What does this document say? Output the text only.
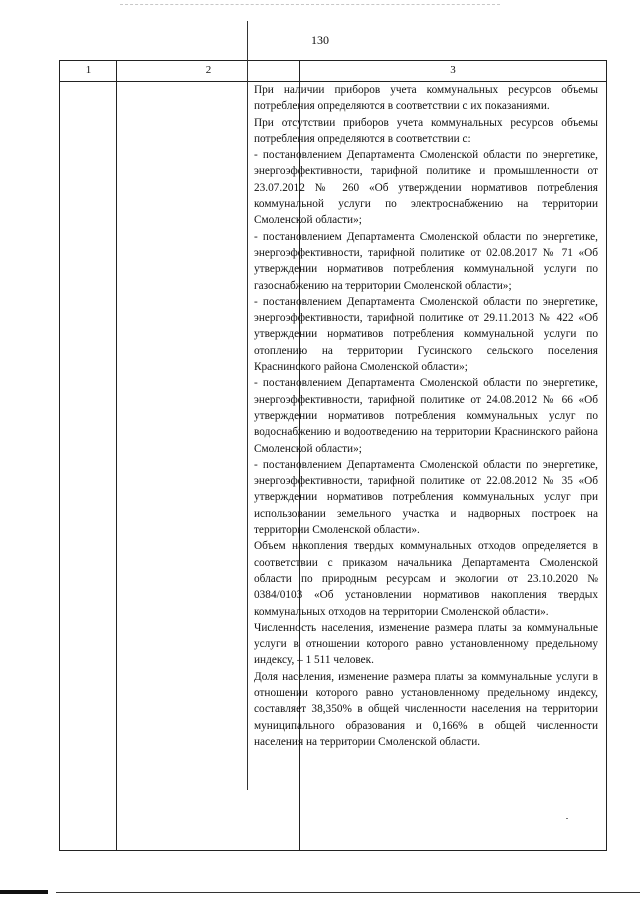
130
1	2	3

При наличии приборов учета коммунальных ресурсов объемы потребления определяются в соответствии с их показаниями.

При отсутствии приборов учета коммунальных ресурсов объемы потребления определяются в соответствии с:

- постановлением Департамента Смоленской области по энергетике, энергоэффективности, тарифной политике и промышленности от 23.07.2012 № 260 «Об утверждении нормативов потребления коммунальной услуги по электроснабжению на территории Смоленской области»;

- постановлением Департамента Смоленской области по энергетике, энергоэффективности, тарифной политике от 02.08.2017 № 71 «Об утверждении нормативов потребления коммунальной услуги по газоснабжению на территории Смоленской области»;

- постановлением Департамента Смоленской области по энергетике, энергоэффективности, тарифной политике от 29.11.2013 № 422 «Об утверждении нормативов потребления коммунальной услуги по отоплению на территории Гусинского сельского поселения Краснинского района Смоленской области»;

- постановлением Департамента Смоленской области по энергетике, энергоэффективности, тарифной политике от 24.08.2012 № 66 «Об утверждении нормативов потребления коммунальных услуг по водоснабжению и водоотведению на территории Краснинского района Смоленской области»;

- постановлением Департамента Смоленской области по энергетике, энергоэффективности, тарифной политике от 22.08.2012 № 35 «Об утверждении нормативов потребления коммунальных услуг при использовании земельного участка и надворных построек на территории Смоленской области».

Объем накопления твердых коммунальных отходов определяется в соответствии с приказом начальника Департамента Смоленской области по природным ресурсам и экологии от 23.10.2020 № 0384/0103 «Об установлении нормативов накопления твердых коммунальных отходов на территории Смоленской области».

Численность населения, изменение размера платы за коммунальные услуги в отношении которого равно установленному предельному индексу, – 1 511 человек.

Доля населения, изменение размера платы за коммунальные услуги в отношении которого равно установленному предельному индексу, составляет 38,350% в общей численности населения на территории муниципального образования и 0,166% в общей численности населения на территории Смоленской области.
